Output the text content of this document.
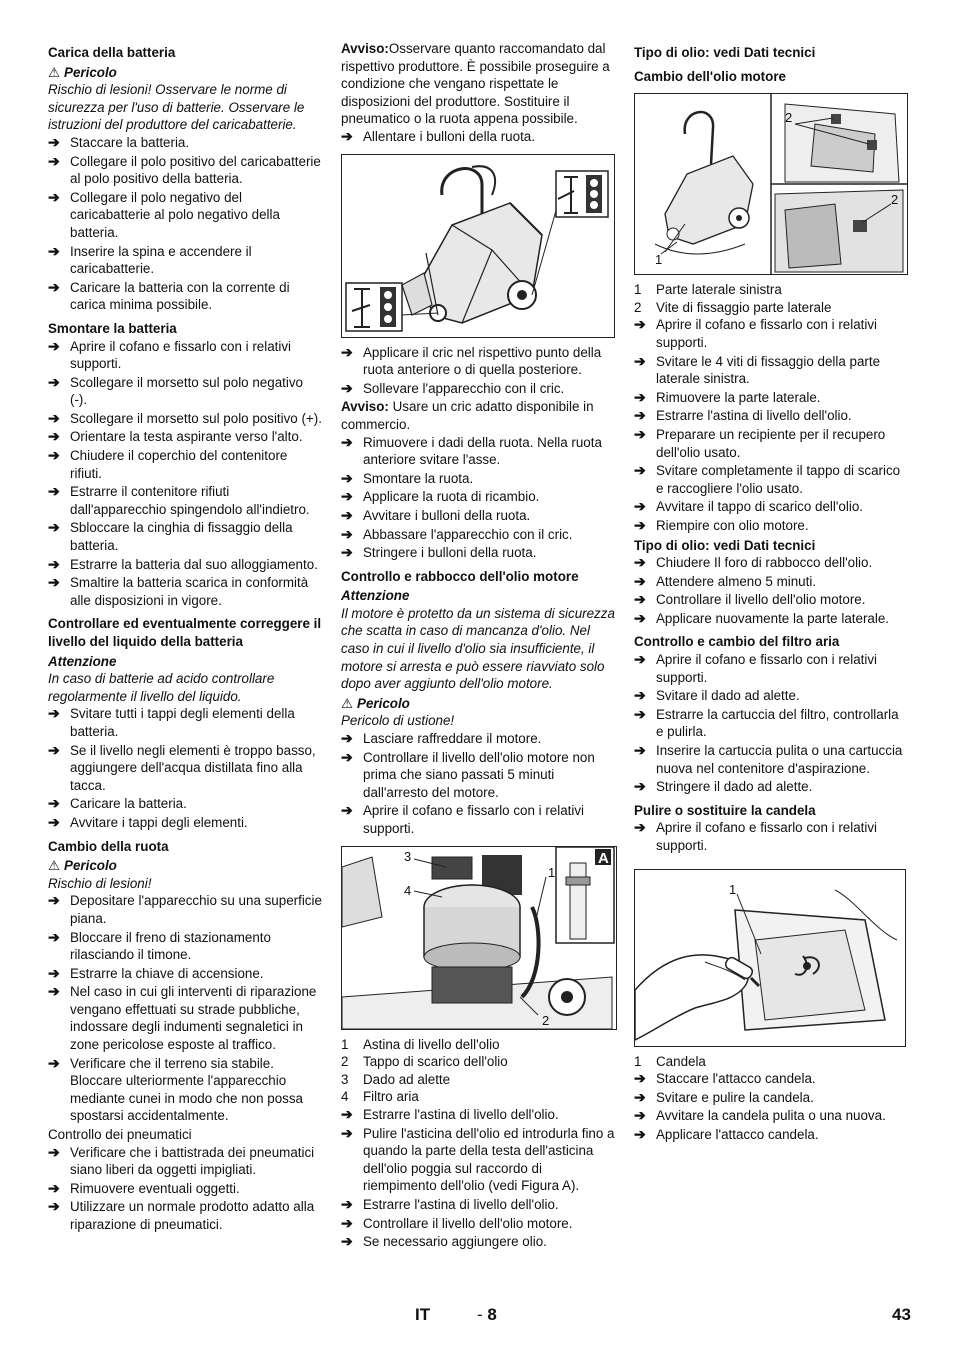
Carica della batteria
⚠ Pericolo
Rischio di lesioni! Osservare le norme di sicurezza per l'uso di batterie. Osservare le istruzioni del produttore del caricabatterie.
➔ Staccare la batteria.
➔ Collegare il polo positivo del caricabatterie al polo positivo della batteria.
➔ Collegare il polo negativo del caricabatterie al polo negativo della batteria.
➔ Inserire la spina e accendere il caricabatterie.
➔ Caricare la batteria con la corrente di carica minima possibile.
Smontare la batteria
➔ Aprire il cofano e fissarlo con i relativi supporti.
➔ Scollegare il morsetto sul polo negativo (-).
➔ Scollegare il morsetto sul polo positivo (+).
➔ Orientare la testa aspirante verso l'alto.
➔ Chiudere il coperchio del contenitore rifiuti.
➔ Estrarre il contenitore rifiuti dall'apparecchio spingendolo all'indietro.
➔ Sbloccare la cinghia di fissaggio della batteria.
➔ Estrarre la batteria dal suo alloggiamento.
➔ Smaltire la batteria scarica in conformità alle disposizioni in vigore.
Controllare ed eventualmente correggere il livello del liquido della batteria
Attenzione
In caso di batterie ad acido controllare regolarmente il livello del liquido.
➔ Svitare tutti i tappi degli elementi della batteria.
➔ Se il livello negli elementi è troppo basso, aggiungere dell'acqua distillata fino alla tacca.
➔ Caricare la batteria.
➔ Avvitare i tappi degli elementi.
Cambio della ruota
⚠ Pericolo
Rischio di lesioni!
➔ Depositare l'apparecchio su una superficie piana.
➔ Bloccare il freno di stazionamento rilasciando il timone.
➔ Estrarre la chiave di accensione.
➔ Nel caso in cui gli interventi di riparazione vengano effettuati su strade pubbliche, indossare degli indumenti segnaletici in zone pericolose esposte al traffico.
➔ Verificare che il terreno sia stabile. Bloccare ulteriormente l'apparecchio mediante cunei in modo che non possa spostarsi accidentalmente.
Controllo dei pneumatici
➔ Verificare che i battistrada dei pneumatici siano liberi da oggetti impigliati.
➔ Rimuovere eventuali oggetti.
➔ Utilizzare un normale prodotto adatto alla riparazione di pneumatici.
Avviso:Osservare quanto raccomandato dal rispettivo produttore. È possibile proseguire a condizione che vengano rispettate le disposizioni del produttore. Sostituire il pneumatico o la ruota appena possibile.
➔ Allentare i bulloni della ruota.
➔ Applicare il cric nel rispettivo punto della ruota anteriore o di quella posteriore.
➔ Sollevare l'apparecchio con il cric.
Avviso: Usare un cric adatto disponibile in commercio.
➔ Rimuovere i dadi della ruota. Nella ruota anteriore svitare l'asse.
➔ Smontare la ruota.
➔ Applicare la ruota di ricambio.
➔ Avvitare i bulloni della ruota.
➔ Abbassare l'apparecchio con il cric.
➔ Stringere i bulloni della ruota.
Controllo e rabbocco dell'olio motore
Attenzione
Il motore è protetto da un sistema di sicurezza che scatta in caso di mancanza d'olio. Nel caso in cui il livello d'olio sia insufficiente, il motore si arresta e può essere riavviato solo dopo aver aggiunto dell'olio motore.
⚠ Pericolo
Pericolo di ustione!
➔ Lasciare raffreddare il motore.
➔ Controllare il livello dell'olio motore non prima che siano passati 5 minuti dall'arresto del motore.
➔ Aprire il cofano e fissarlo con i relativi supporti.
3
4
1
2
A
1	Astina di livello dell'olio
2	Tappo di scarico dell'olio
3	Dado ad alette
4	Filtro aria
➔ Estrarre l'astina di livello dell'olio.
➔ Pulire l'asticina dell'olio ed introdurla fino a quando la parte della testa dell'asticina dell'olio poggia sul raccordo di riempimento dell'olio (vedi Figura A).
➔ Estrarre l'astina di livello dell'olio.
➔ Controllare il livello dell'olio motore.
➔ Se necessario aggiungere olio.
Tipo di olio: vedi Dati tecnici
Cambio dell'olio motore
2
2
1
1	Parte laterale sinistra
2	Vite di fissaggio parte laterale
➔ Aprire il cofano e fissarlo con i relativi supporti.
➔ Svitare le 4 viti di fissaggio della parte laterale sinistra.
➔ Rimuovere la parte laterale.
➔ Estrarre l'astina di livello dell'olio.
➔ Preparare un recipiente per il recupero dell'olio usato.
➔ Svitare completamente il tappo di scarico e raccogliere l'olio usato.
➔ Avvitare il tappo di scarico dell'olio.
➔ Riempire con olio motore.
Tipo di olio: vedi Dati tecnici
➔ Chiudere Il foro di rabbocco dell'olio.
➔ Attendere almeno 5 minuti.
➔ Controllare il livello dell'olio motore.
➔ Applicare nuovamente la parte laterale.
Controllo e cambio del filtro aria
➔ Aprire il cofano e fissarlo con i relativi supporti.
➔ Svitare il dado ad alette.
➔ Estrarre la cartuccia del filtro, controllarla e pulirla.
➔ Inserire la cartuccia pulita o una cartuccia nuova nel contenitore d'aspirazione.
➔ Stringere il dado ad alette.
Pulire o sostituire la candela
➔ Aprire il cofano e fissarlo con i relativi supporti.
1
1	Candela
➔ Staccare l'attacco candela.
➔ Svitare e pulire la candela.
➔ Avvitare la candela pulita o una nuova.
➔ Applicare l'attacco candela.
IT	- 8	43
